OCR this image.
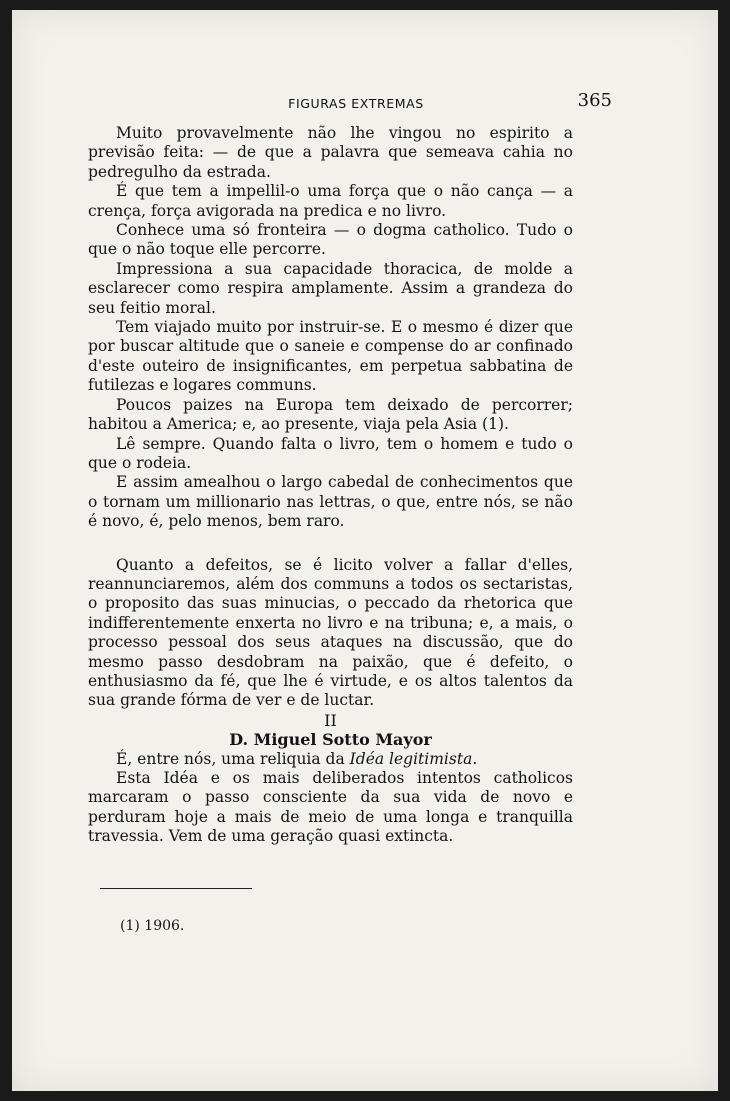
FIGURAS EXTREMAS	365

Muito provavelmente não lhe vingou no espirito a previsão feita: — de que a palavra que semeava cahia no pedregulho da estrada.

É que tem a impellil-o uma força que o não cança — a crença, força avigorada na predica e no livro.

Conhece uma só fronteira — o dogma catholico. Tudo o que o não toque elle percorre.

Impressiona a sua capacidade thoracica, de molde a esclarecer como respira amplamente. Assim a grandeza do seu feitio moral.

Tem viajado muito por instruir-se. E o mesmo é dizer que por buscar altitude que o saneie e compense do ar confinado d'este outeiro de insignificantes, em perpetua sabbatina de futilezas e logares communs.

Poucos paizes na Europa tem deixado de percorrer; habitou a America; e, ao presente, viaja pela Asia (1).

Lê sempre. Quando falta o livro, tem o homem e tudo o que o rodeia.

E assim amealhou o largo cabedal de conhecimentos que o tornam um millionario nas lettras, o que, entre nós, se não é novo, é, pelo menos, bem raro.

Quanto a defeitos, se é licito volver a fallar d'elles, reannunciaremos, além dos communs a todos os sectaristas, o proposito das suas minucias, o peccado da rhetorica que indifferentemente enxerta no livro e na tribuna; e, a mais, o processo pessoal dos seus ataques na discussão, que do mesmo passo desdobram na paixão, que é defeito, o enthusiasmo da fé, que lhe é virtude, e os altos talentos da sua grande fórma de ver e de luctar.

II

D. Miguel Sotto Mayor

É, entre nós, uma reliquia da Idéa legitimista.

Esta Idéa e os mais deliberados intentos catholicos marcaram o passo consciente da sua vida de novo e perduram hoje a mais de meio de uma longa e tranquilla travessia. Vem de uma geração quasi extincta.

(1) 1906.
